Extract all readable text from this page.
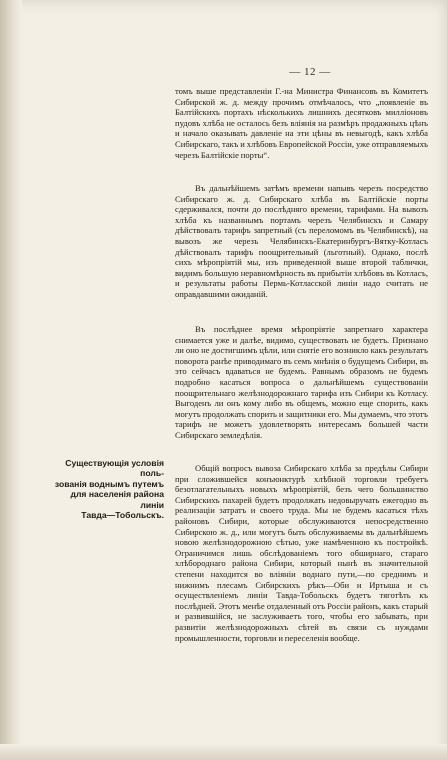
— 12 —

томъ выше представленіи Г.-на Министра Финансовъ въ Комитетъ Сибирской ж. д. между прочимъ отмѣчалось, что „появленіе въ Балтійскихъ портахъ нѣсколькихъ лишнихъ десятковъ милліоновъ пудовъ хлѣба не осталось безъ вліянія на размѣръ продажныхъ цѣнъ и начало оказывать давленіе на эти цѣны въ невыгодѣ, какъ хлѣба Сибирскаго, такъ и хлѣбовъ Европейской Россіи, уже отправляемыхъ черезъ Балтійскіе порты“.

Въ дальнѣйшемъ затѣмъ времени напывъ черезъ посредство Сибирскаго ж. д. Сибирскаго хлѣба въ Балтійскіе порты сдерживался, почти до послѣдняго времени, тарифами. На вывозъ хлѣба къ названнымъ портамъ черезъ Челябинскъ и Самару дѣйствовалъ тарифъ запретный (съ переломомъ въ Челябинскѣ), на вывозъ же черезъ Челябинскъ-Екатеринбургъ-Вятку-Котласъ дѣйствовалъ тарифъ поощрительный (льготный). Однако, послѣ сихъ мѣропріятій мы, изъ приведенной выше второй таблички, видимъ большую неравномѣрность въ прибытіи хлѣбовъ въ Котласъ, и результаты работы Пермь-Котласской линіи надо считать не оправдавшими ожиданій.

Въ послѣднее время мѣропріятіе запретнаго характера снимается уже и далѣе, видимо, существовать не будетъ. Признано ли оно не достигшимъ цѣли, или снятіе его возникло какъ результатъ поворота ранѣе приводимаго въ семъ мнѣнія о будущемъ Сибири, въ это сейчасъ вдаваться не будемъ. Равнымъ образомъ не будемъ подробно касаться вопроса о дальнѣйшемъ существованіи поощрительнаго желѣзнодорожнаго тарифа изъ Сибири къ Котласу. Выгоденъ ли онъ кому либо въ общемъ, можно еще спорить, какъ могутъ продолжать спорить и защитники его. Мы думаемъ, что этотъ тарифъ не можетъ удовлетворять интересамъ большей части Сибирскаго земледѣлія.

Существующія условія поль-
зованія воднымъ путемъ
для населенія района линіи
Тавда—Тобольскъ.

Общій вопросъ вывоза Сибирскаго хлѣба за предѣлы Сибири при сложившейся конъюнктурѣ хлѣбной торговли требуетъ безотлагательныхъ новыхъ мѣропріятій, безъ чего большинство Сибирскихъ пахарей будетъ продолжать недовыручать ежегодно въ реализаціи затратъ и своего труда. Мы не будемъ касаться тѣхъ районовъ Сибири, которые обслуживаются непосредственно Сибирскою ж. д., или могутъ быть обслуживаемы въ дальнѣйшемъ новою желѣзнодорожною сѣтью, уже намѣченною къ постройкѣ. Ограничимся лишь обслѣдованіемъ того обширнаго, стараго хлѣбороднаго района Сибири, который нынѣ въ значительной степени находится во вліяніи воднаго пути,—по среднимъ и нижнимъ плесамъ Сибирскихъ рѣкъ—Оби и Иртыша и съ осуществленіемъ линіи Тавда-Тобольскъ будетъ тяготѣть къ послѣдней. Этотъ менѣе отдаленный отъ Россіи районъ, какъ старый и развившійся, не заслуживаетъ того, чтобы его забывать, при развитіи желѣзнодорожныхъ сѣтей въ связи съ нуждами промышленности, торговли и переселенія вообще.
